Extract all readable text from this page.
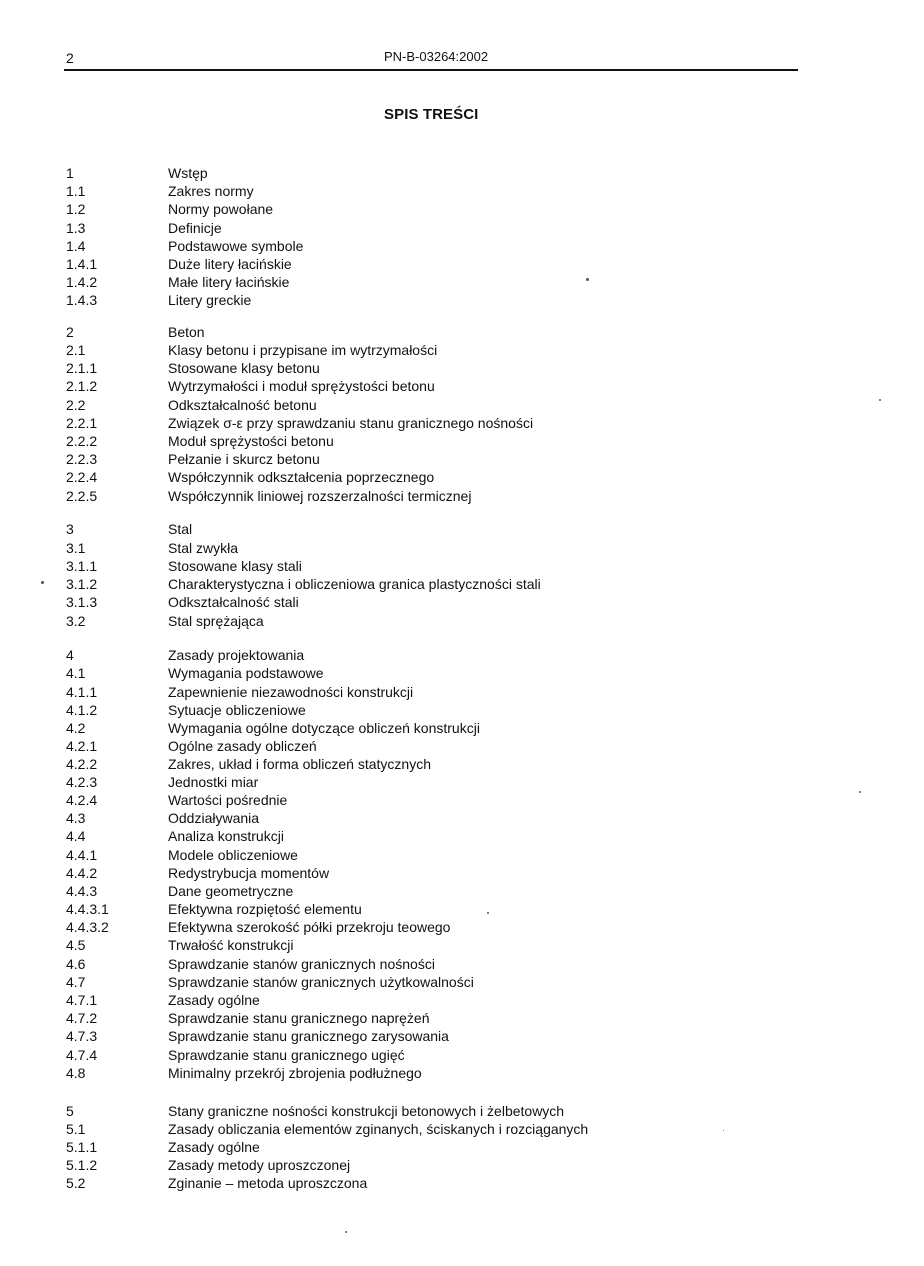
2	PN-B-03264:2002
SPIS TREŚCI
1	Wstęp
1.1	Zakres normy
1.2	Normy powołane
1.3	Definicje
1.4	Podstawowe symbole
1.4.1	Duże litery łacińskie
1.4.2	Małe litery łacińskie
1.4.3	Litery greckie
2	Beton
2.1	Klasy betonu i przypisane im wytrzymałości
2.1.1	Stosowane klasy betonu
2.1.2	Wytrzymałości i moduł sprężystości betonu
2.2	Odkształcalność betonu
2.2.1	Związek σ-ε przy sprawdzaniu stanu granicznego nośności
2.2.2	Moduł sprężystości betonu
2.2.3	Pełzanie i skurcz betonu
2.2.4	Współczynnik odkształcenia poprzecznego
2.2.5	Współczynnik liniowej rozszerzalności termicznej
3	Stal
3.1	Stal zwykła
3.1.1	Stosowane klasy stali
3.1.2	Charakterystyczna i obliczeniowa granica plastyczności stali
3.1.3	Odkształcalność stali
3.2	Stal sprężająca
4	Zasady projektowania
4.1	Wymagania podstawowe
4.1.1	Zapewnienie niezawodności konstrukcji
4.1.2	Sytuacje obliczeniowe
4.2	Wymagania ogólne dotyczące obliczeń konstrukcji
4.2.1	Ogólne zasady obliczeń
4.2.2	Zakres, układ i forma obliczeń statycznych
4.2.3	Jednostki miar
4.2.4	Wartości pośrednie
4.3	Oddziaływania
4.4	Analiza konstrukcji
4.4.1	Modele obliczeniowe
4.4.2	Redystrybucja momentów
4.4.3	Dane geometryczne
4.4.3.1	Efektywna rozpiętość elementu
4.4.3.2	Efektywna szerokość półki przekroju teowego
4.5	Trwałość konstrukcji
4.6	Sprawdzanie stanów granicznych nośności
4.7	Sprawdzanie stanów granicznych użytkowalności
4.7.1	Zasady ogólne
4.7.2	Sprawdzanie stanu granicznego naprężeń
4.7.3	Sprawdzanie stanu granicznego zarysowania
4.7.4	Sprawdzanie stanu granicznego ugięć
4.8	Minimalny przekrój zbrojenia podłużnego
5	Stany graniczne nośności konstrukcji betonowych i żelbetowych
5.1	Zasady obliczania elementów zginanych, ściskanych i rozciąganych
5.1.1	Zasady ogólne
5.1.2	Zasady metody uproszczonej
5.2	Zginanie – metoda uproszczona
